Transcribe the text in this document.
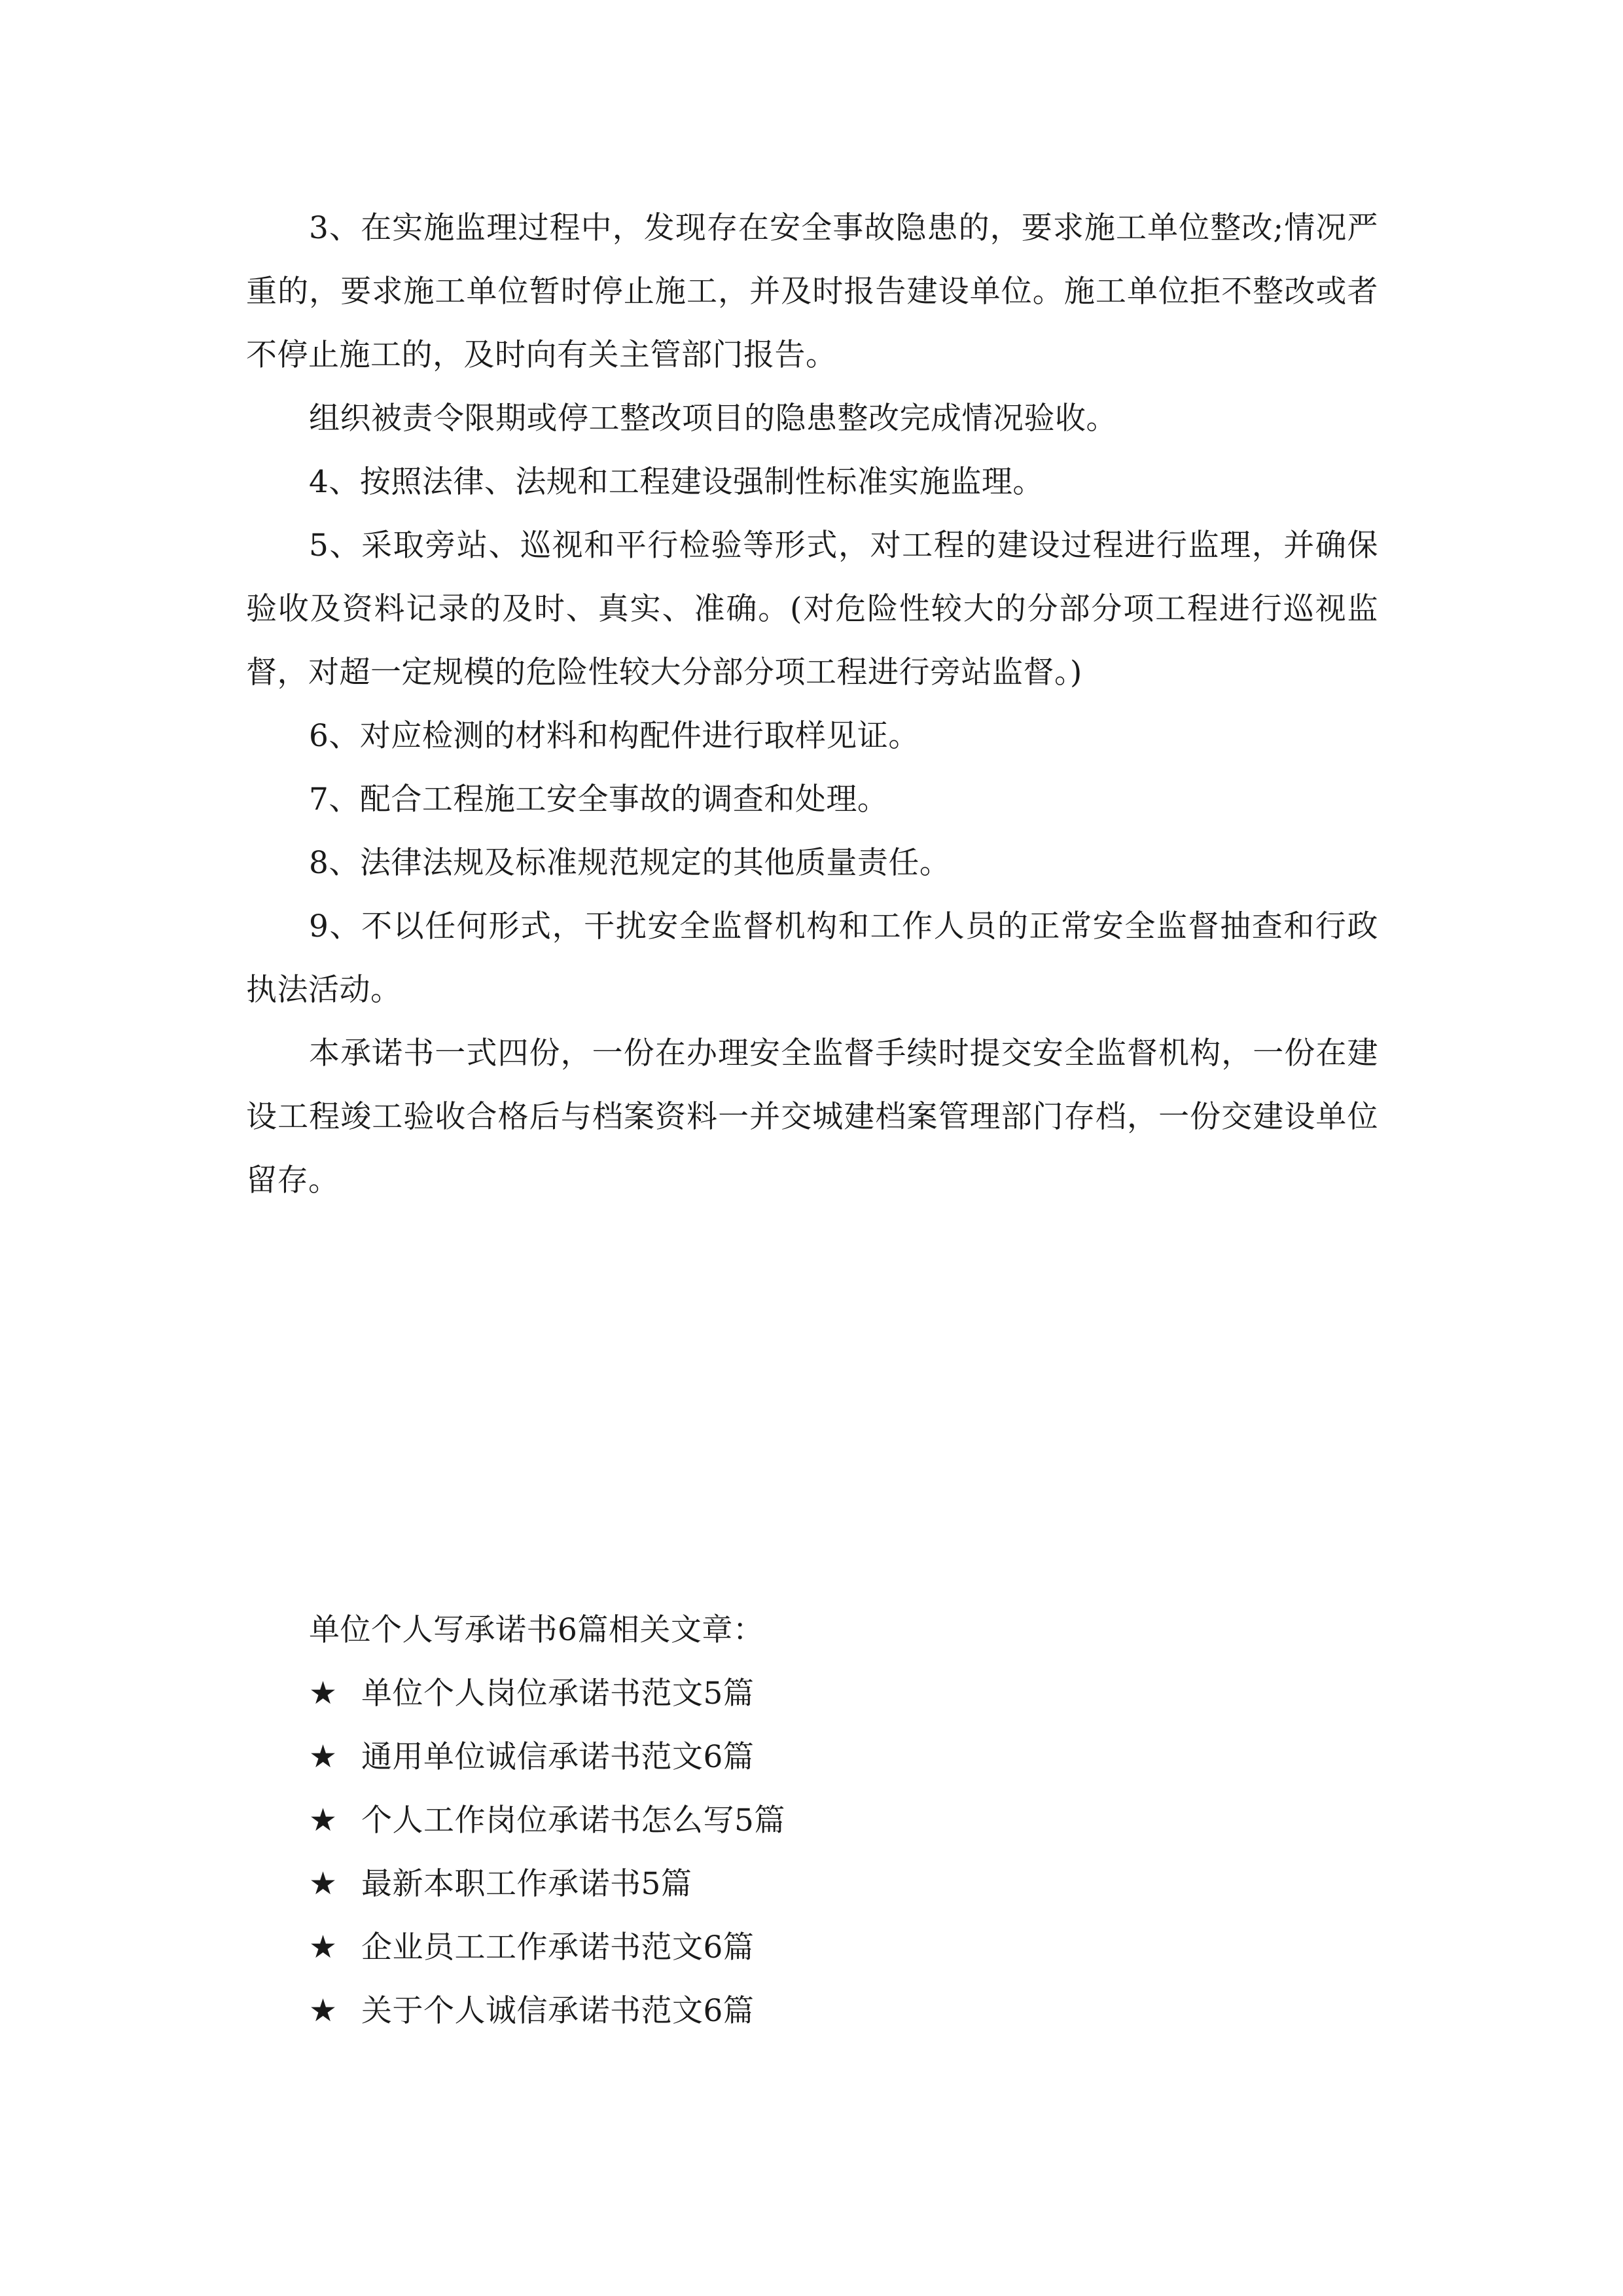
3、在实施监理过程中，发现存在安全事故隐患的，要求施工单位整改;情况严重的，要求施工单位暂时停止施工，并及时报告建设单位。施工单位拒不整改或者不停止施工的，及时向有关主管部门报告。

组织被责令限期或停工整改项目的隐患整改完成情况验收。

4、按照法律、法规和工程建设强制性标准实施监理。

5、采取旁站、巡视和平行检验等形式，对工程的建设过程进行监理，并确保验收及资料记录的及时、真实、准确。(对危险性较大的分部分项工程进行巡视监督，对超一定规模的危险性较大分部分项工程进行旁站监督。)

6、对应检测的材料和构配件进行取样见证。

7、配合工程施工安全事故的调查和处理。

8、法律法规及标准规范规定的其他质量责任。

9、不以任何形式，干扰安全监督机构和工作人员的正常安全监督抽查和行政执法活动。

本承诺书一式四份，一份在办理安全监督手续时提交安全监督机构，一份在建设工程竣工验收合格后与档案资料一并交城建档案管理部门存档，一份交建设单位留存。

单位个人写承诺书6篇相关文章：

★ 单位个人岗位承诺书范文5篇
★ 通用单位诚信承诺书范文6篇
★ 个人工作岗位承诺书怎么写5篇
★ 最新本职工作承诺书5篇
★ 企业员工工作承诺书范文6篇
★ 关于个人诚信承诺书范文6篇
